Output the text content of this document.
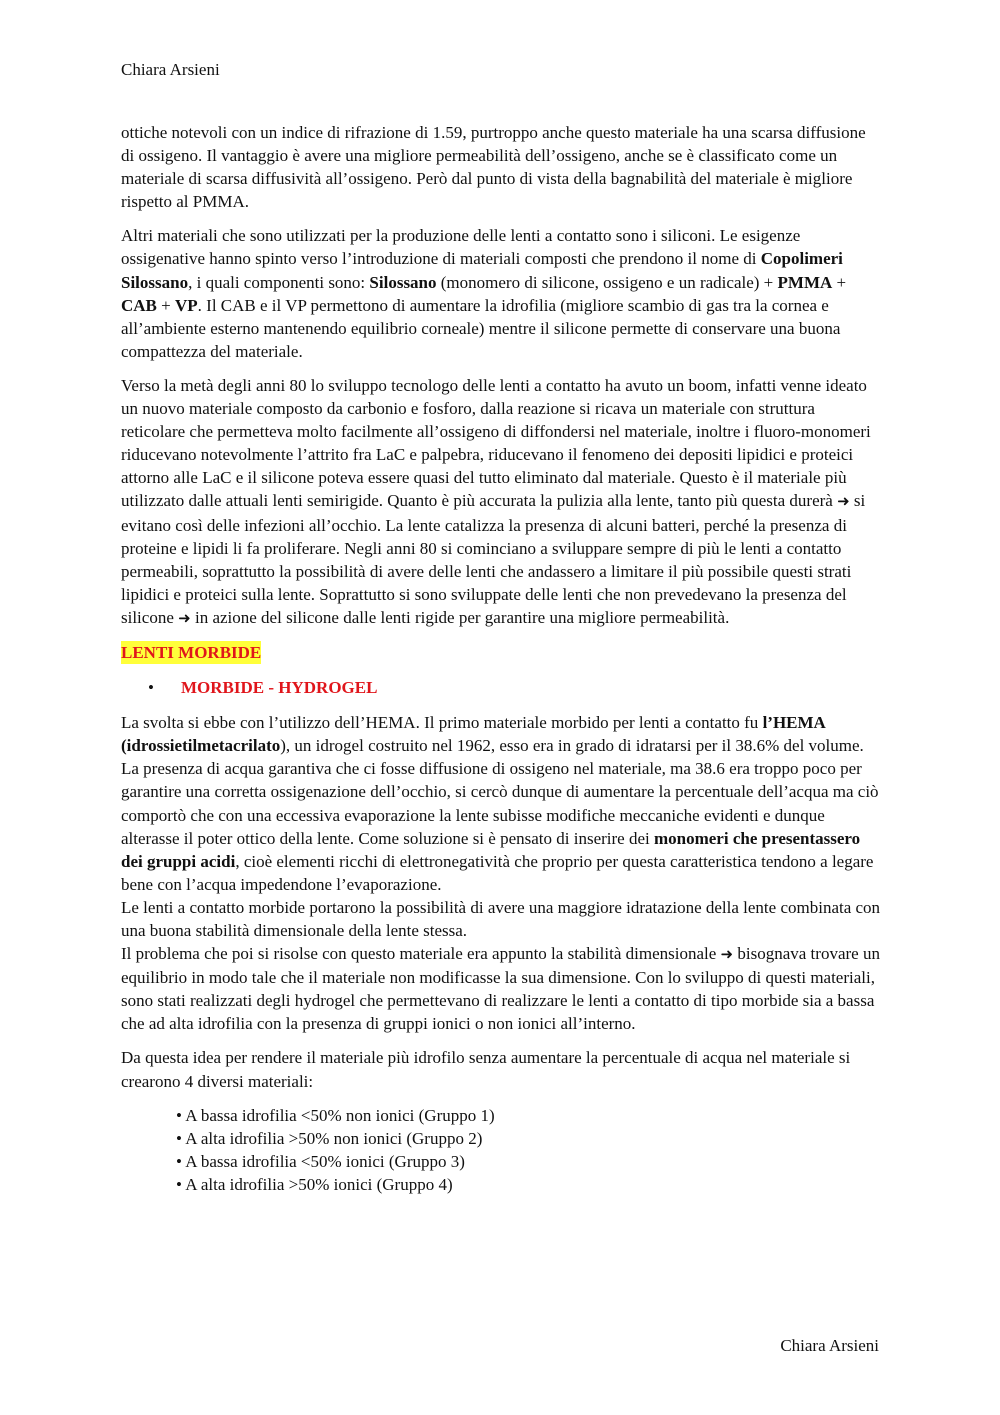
Chiara Arsieni

ottiche notevoli con un indice di rifrazione di 1.59, purtroppo anche questo materiale ha una scarsa diffusione di ossigeno. Il vantaggio è avere una migliore permeabilità dell’ossigeno, anche se è classificato come un materiale di scarsa diffusività all’ossigeno. Però dal punto di vista della bagnabilità del materiale è migliore rispetto al PMMA.

Altri materiali che sono utilizzati per la produzione delle lenti a contatto sono i siliconi. Le esigenze ossigenative hanno spinto verso l’introduzione di materiali composti che prendono il nome di Copolimeri Silossano, i quali componenti sono: Silossano (monomero di silicone, ossigeno e un radicale) + PMMA + CAB + VP. Il CAB e il VP permettono di aumentare la idrofilia (migliore scambio di gas tra la cornea e all’ambiente esterno mantenendo equilibrio corneale) mentre il silicone permette di conservare una buona compattezza del materiale.

Verso la metà degli anni 80 lo sviluppo tecnologo delle lenti a contatto ha avuto un boom, infatti venne ideato un nuovo materiale composto da carbonio e fosforo, dalla reazione si ricava un materiale con struttura reticolare che permetteva molto facilmente all’ossigeno di diffondersi nel materiale, inoltre i fluoro-monomeri riducevano notevolmente l’attrito fra LaC e palpebra, riducevano il fenomeno dei depositi lipidici e proteici attorno alle LaC e il silicone poteva essere quasi del tutto eliminato dal materiale. Questo è il materiale più utilizzato dalle attuali lenti semirigide. Quanto è più accurata la pulizia alla lente, tanto più questa durerà ➜ si evitano così delle infezioni all’occhio. La lente catalizza la presenza di alcuni batteri, perché la presenza di proteine e lipidi li fa proliferare. Negli anni 80 si cominciano a sviluppare sempre di più le lenti a contatto permeabili, soprattutto la possibilità di avere delle lenti che andassero a limitare il più possibile questi strati lipidici e proteici sulla lente. Soprattutto si sono sviluppate delle lenti che non prevedevano la presenza del silicone ➜ in azione del silicone dalle lenti rigide per garantire una migliore permeabilità.

LENTI MORBIDE
• MORBIDE - HYDROGEL

La svolta si ebbe con l’utilizzo dell’HEMA. Il primo materiale morbido per lenti a contatto fu l’HEMA (idrossietilmetacrilato), un idrogel costruito nel 1962, esso era in grado di idratarsi per il 38.6% del volume. La presenza di acqua garantiva che ci fosse diffusione di ossigeno nel materiale, ma 38.6 era troppo poco per garantire una corretta ossigenazione dell’occhio, si cercò dunque di aumentare la percentuale dell’acqua ma ciò comportò che con una eccessiva evaporazione la lente subisse modifiche meccaniche evidenti e dunque alterasse il poter ottico della lente. Come soluzione si è pensato di inserire dei monomeri che presentassero dei gruppi acidi, cioè elementi ricchi di elettronegatività che proprio per questa caratteristica tendono a legare bene con l’acqua impedendone l’evaporazione.

Le lenti a contatto morbide portarono la possibilità di avere una maggiore idratazione della lente combinata con una buona stabilità dimensionale della lente stessa.

Il problema che poi si risolse con questo materiale era appunto la stabilità dimensionale ➜ bisognava trovare un equilibrio in modo tale che il materiale non modificasse la sua dimensione. Con lo sviluppo di questi materiali, sono stati realizzati degli hydrogel che permettevano di realizzare le lenti a contatto di tipo morbide sia a bassa che ad alta idrofilia con la presenza di gruppi ionici o non ionici all’interno.

Da questa idea per rendere il materiale più idrofilo senza aumentare la percentuale di acqua nel materiale si crearono 4 diversi materiali:

• A bassa idrofilia <50% non ionici (Gruppo 1)
• A alta idrofilia >50% non ionici (Gruppo 2)
• A bassa idrofilia <50% ionici (Gruppo 3)
• A alta idrofilia >50% ionici (Gruppo 4)
Chiara Arsieni
